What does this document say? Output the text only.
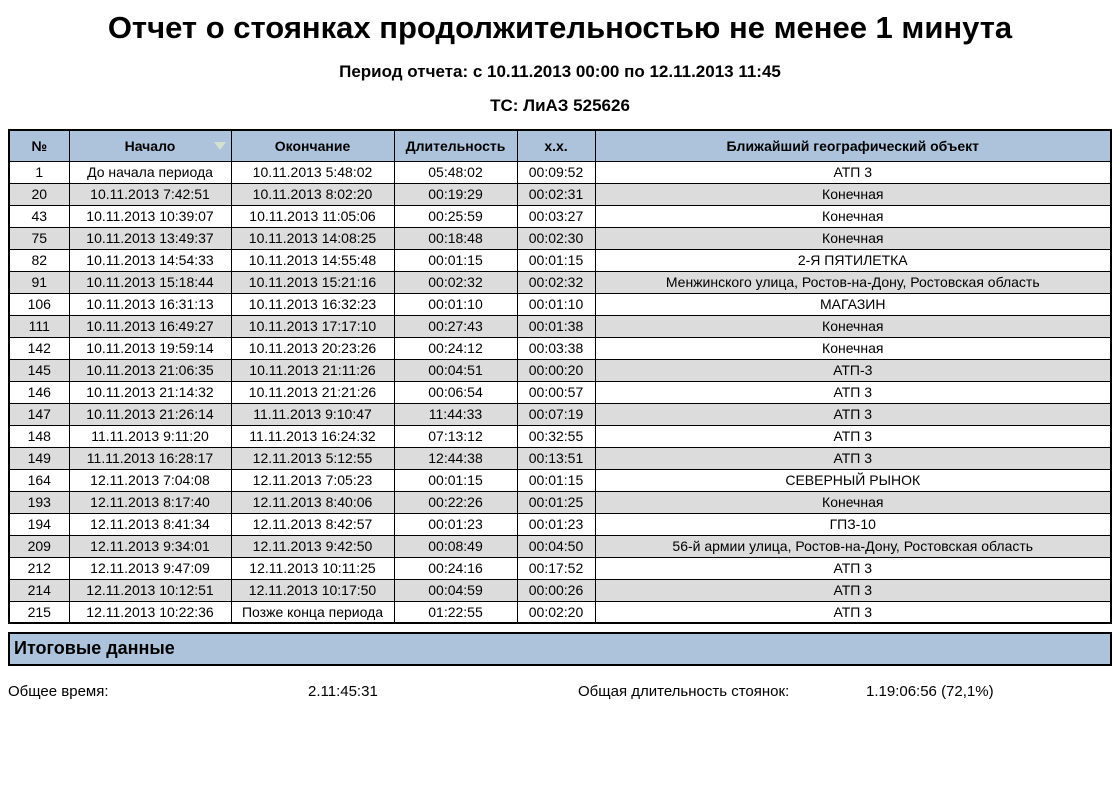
Отчет о стоянках продолжительностью не менее 1 минута
Период отчета: с 10.11.2013 00:00 по 12.11.2013 11:45
ТС: ЛиАЗ 525626
№	Начало	Окончание	Длительность	х.х.	Ближайший географический объект
1	До начала периода	10.11.2013 5:48:02	05:48:02	00:09:52	АТП 3
20	10.11.2013 7:42:51	10.11.2013 8:02:20	00:19:29	00:02:31	Конечная
43	10.11.2013 10:39:07	10.11.2013 11:05:06	00:25:59	00:03:27	Конечная
75	10.11.2013 13:49:37	10.11.2013 14:08:25	00:18:48	00:02:30	Конечная
82	10.11.2013 14:54:33	10.11.2013 14:55:48	00:01:15	00:01:15	2-Я ПЯТИЛЕТКА
91	10.11.2013 15:18:44	10.11.2013 15:21:16	00:02:32	00:02:32	Менжинского улица, Ростов-на-Дону, Ростовская область
106	10.11.2013 16:31:13	10.11.2013 16:32:23	00:01:10	00:01:10	МАГАЗИН
111	10.11.2013 16:49:27	10.11.2013 17:17:10	00:27:43	00:01:38	Конечная
142	10.11.2013 19:59:14	10.11.2013 20:23:26	00:24:12	00:03:38	Конечная
145	10.11.2013 21:06:35	10.11.2013 21:11:26	00:04:51	00:00:20	АТП-3
146	10.11.2013 21:14:32	10.11.2013 21:21:26	00:06:54	00:00:57	АТП 3
147	10.11.2013 21:26:14	11.11.2013 9:10:47	11:44:33	00:07:19	АТП 3
148	11.11.2013 9:11:20	11.11.2013 16:24:32	07:13:12	00:32:55	АТП 3
149	11.11.2013 16:28:17	12.11.2013 5:12:55	12:44:38	00:13:51	АТП 3
164	12.11.2013 7:04:08	12.11.2013 7:05:23	00:01:15	00:01:15	СЕВЕРНЫЙ РЫНОК
193	12.11.2013 8:17:40	12.11.2013 8:40:06	00:22:26	00:01:25	Конечная
194	12.11.2013 8:41:34	12.11.2013 8:42:57	00:01:23	00:01:23	ГПЗ-10
209	12.11.2013 9:34:01	12.11.2013 9:42:50	00:08:49	00:04:50	56-й армии улица, Ростов-на-Дону, Ростовская область
212	12.11.2013 9:47:09	12.11.2013 10:11:25	00:24:16	00:17:52	АТП 3
214	12.11.2013 10:12:51	12.11.2013 10:17:50	00:04:59	00:00:26	АТП 3
215	12.11.2013 10:22:36	Позже конца периода	01:22:55	00:02:20	АТП 3
Итоговые данные
Общее время:	2.11:45:31	Общая длительность стоянок:	1.19:06:56 (72,1%)
